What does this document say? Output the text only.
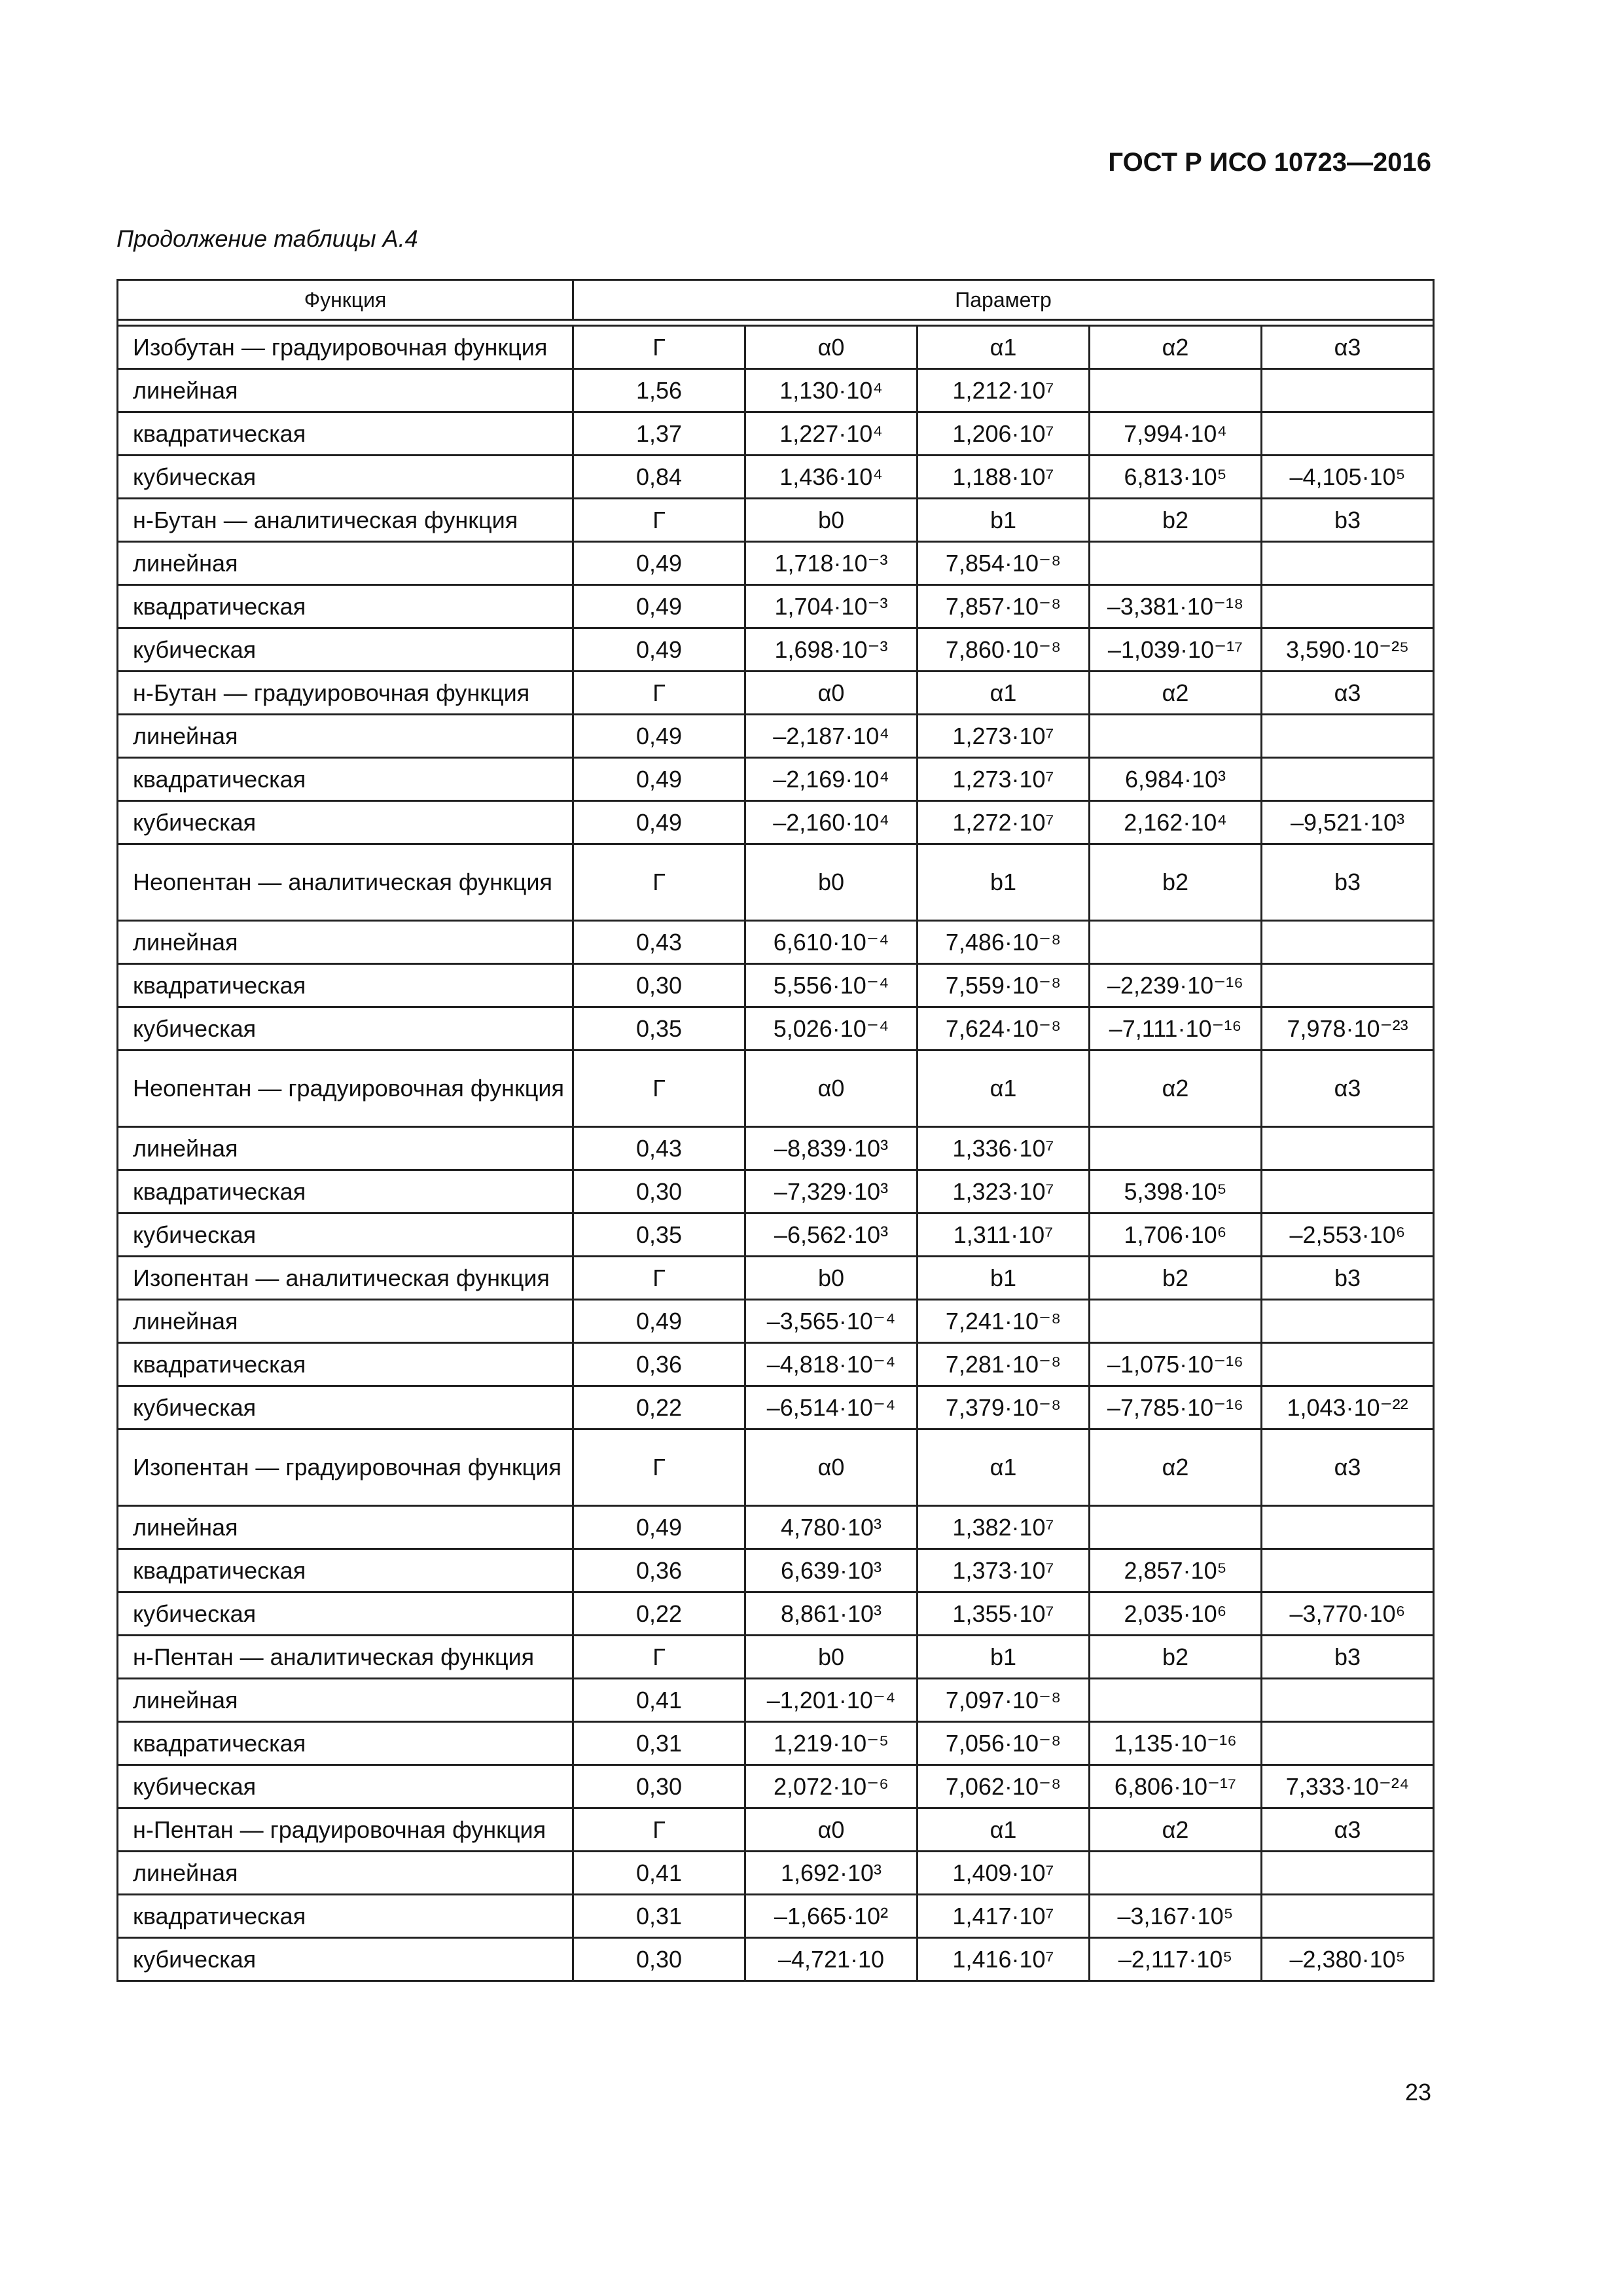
ГОСТ Р ИСО 10723—2016
Продолжение таблицы А.4
Функция	Параметр				

Изобутан — градуировочная функция	Г	α0	α1	α2	α3
линейная	1,56	1,130·10⁴	1,212·10⁷		
квадратическая	1,37	1,227·10⁴	1,206·10⁷	7,994·10⁴	
кубическая	0,84	1,436·10⁴	1,188·10⁷	6,813·10⁵	–4,105·10⁵
н-Бутан — аналитическая функция	Г	b0	b1	b2	b3
линейная	0,49	1,718·10⁻³	7,854·10⁻⁸		
квадратическая	0,49	1,704·10⁻³	7,857·10⁻⁸	–3,381·10⁻¹⁸	
кубическая	0,49	1,698·10⁻³	7,860·10⁻⁸	–1,039·10⁻¹⁷	3,590·10⁻²⁵
н-Бутан — градуировочная функция	Г	α0	α1	α2	α3
линейная	0,49	–2,187·10⁴	1,273·10⁷		
квадратическая	0,49	–2,169·10⁴	1,273·10⁷	6,984·10³	
кубическая	0,49	–2,160·10⁴	1,272·10⁷	2,162·10⁴	–9,521·10³
Неопентан — аналитическая функция	Г	b0	b1	b2	b3
линейная	0,43	6,610·10⁻⁴	7,486·10⁻⁸		
квадратическая	0,30	5,556·10⁻⁴	7,559·10⁻⁸	–2,239·10⁻¹⁶	
кубическая	0,35	5,026·10⁻⁴	7,624·10⁻⁸	–7,111·10⁻¹⁶	7,978·10⁻²³
Неопентан — градуировочная функция	Г	α0	α1	α2	α3
линейная	0,43	–8,839·10³	1,336·10⁷		
квадратическая	0,30	–7,329·10³	1,323·10⁷	5,398·10⁵	
кубическая	0,35	–6,562·10³	1,311·10⁷	1,706·10⁶	–2,553·10⁶
Изопентан — аналитическая функция	Г	b0	b1	b2	b3
линейная	0,49	–3,565·10⁻⁴	7,241·10⁻⁸		
квадратическая	0,36	–4,818·10⁻⁴	7,281·10⁻⁸	–1,075·10⁻¹⁶	
кубическая	0,22	–6,514·10⁻⁴	7,379·10⁻⁸	–7,785·10⁻¹⁶	1,043·10⁻²²
Изопентан — градуировочная функция	Г	α0	α1	α2	α3
линейная	0,49	4,780·10³	1,382·10⁷		
квадратическая	0,36	6,639·10³	1,373·10⁷	2,857·10⁵	
кубическая	0,22	8,861·10³	1,355·10⁷	2,035·10⁶	–3,770·10⁶
н-Пентан — аналитическая функция	Г	b0	b1	b2	b3
линейная	0,41	–1,201·10⁻⁴	7,097·10⁻⁸		
квадратическая	0,31	1,219·10⁻⁵	7,056·10⁻⁸	1,135·10⁻¹⁶	
кубическая	0,30	2,072·10⁻⁶	7,062·10⁻⁸	6,806·10⁻¹⁷	7,333·10⁻²⁴
н-Пентан — градуировочная функция	Г	α0	α1	α2	α3
линейная	0,41	1,692·10³	1,409·10⁷		
квадратическая	0,31	–1,665·10²	1,417·10⁷	–3,167·10⁵	
кубическая	0,30	–4,721·10	1,416·10⁷	–2,117·10⁵	–2,380·10⁵
23
